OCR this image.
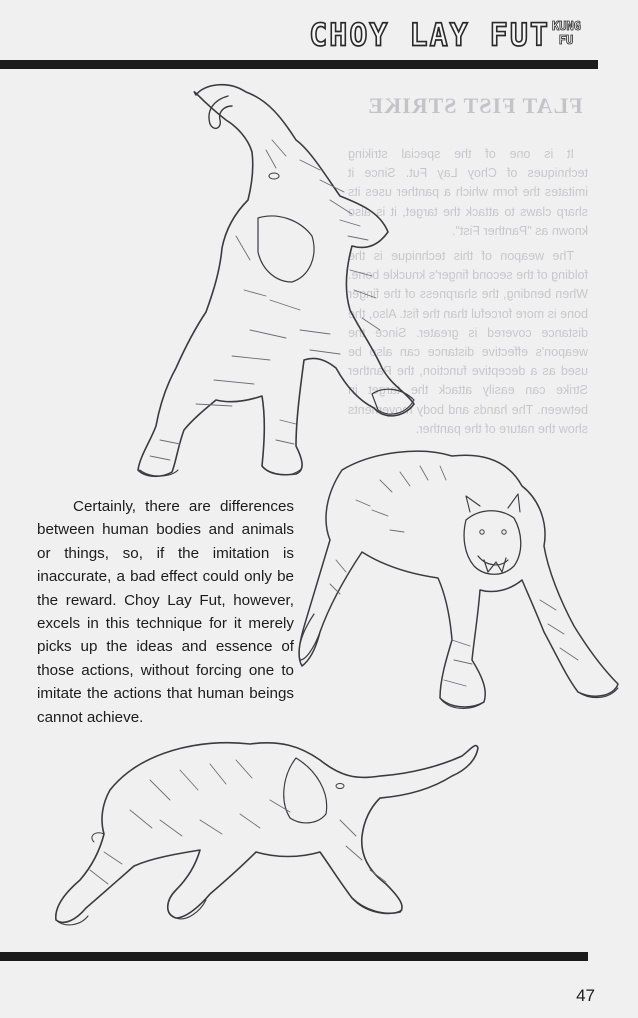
CHOY LAY FUT KUNG
FU
FLAT FIST STRIKE

It is one of the special striking techniques of Choy Lay Fut. Since it imitates the form which a panther uses its sharp claws to attack the target, it is also known as "Panther Fist".

The weapon of this technique is the folding of the second finger's knuckle bone. When bending, the sharpness of the finger bone is more forceful than the fist. Also, the distance covered is greater. Since the weapon's effective distance can also be used as a deceptive function, the Panther Strike can easily attack the target in between. The hands and body movements show the nature of the panther.

Certainly, there are differences between human bodies and animals or things, so, if the imitation is inaccurate, a bad effect could only be the reward. Choy Lay Fut, however, excels in this technique for it merely picks up the ideas and essence of those actions, without forcing one to imitate the actions that human beings cannot achieve.

47
